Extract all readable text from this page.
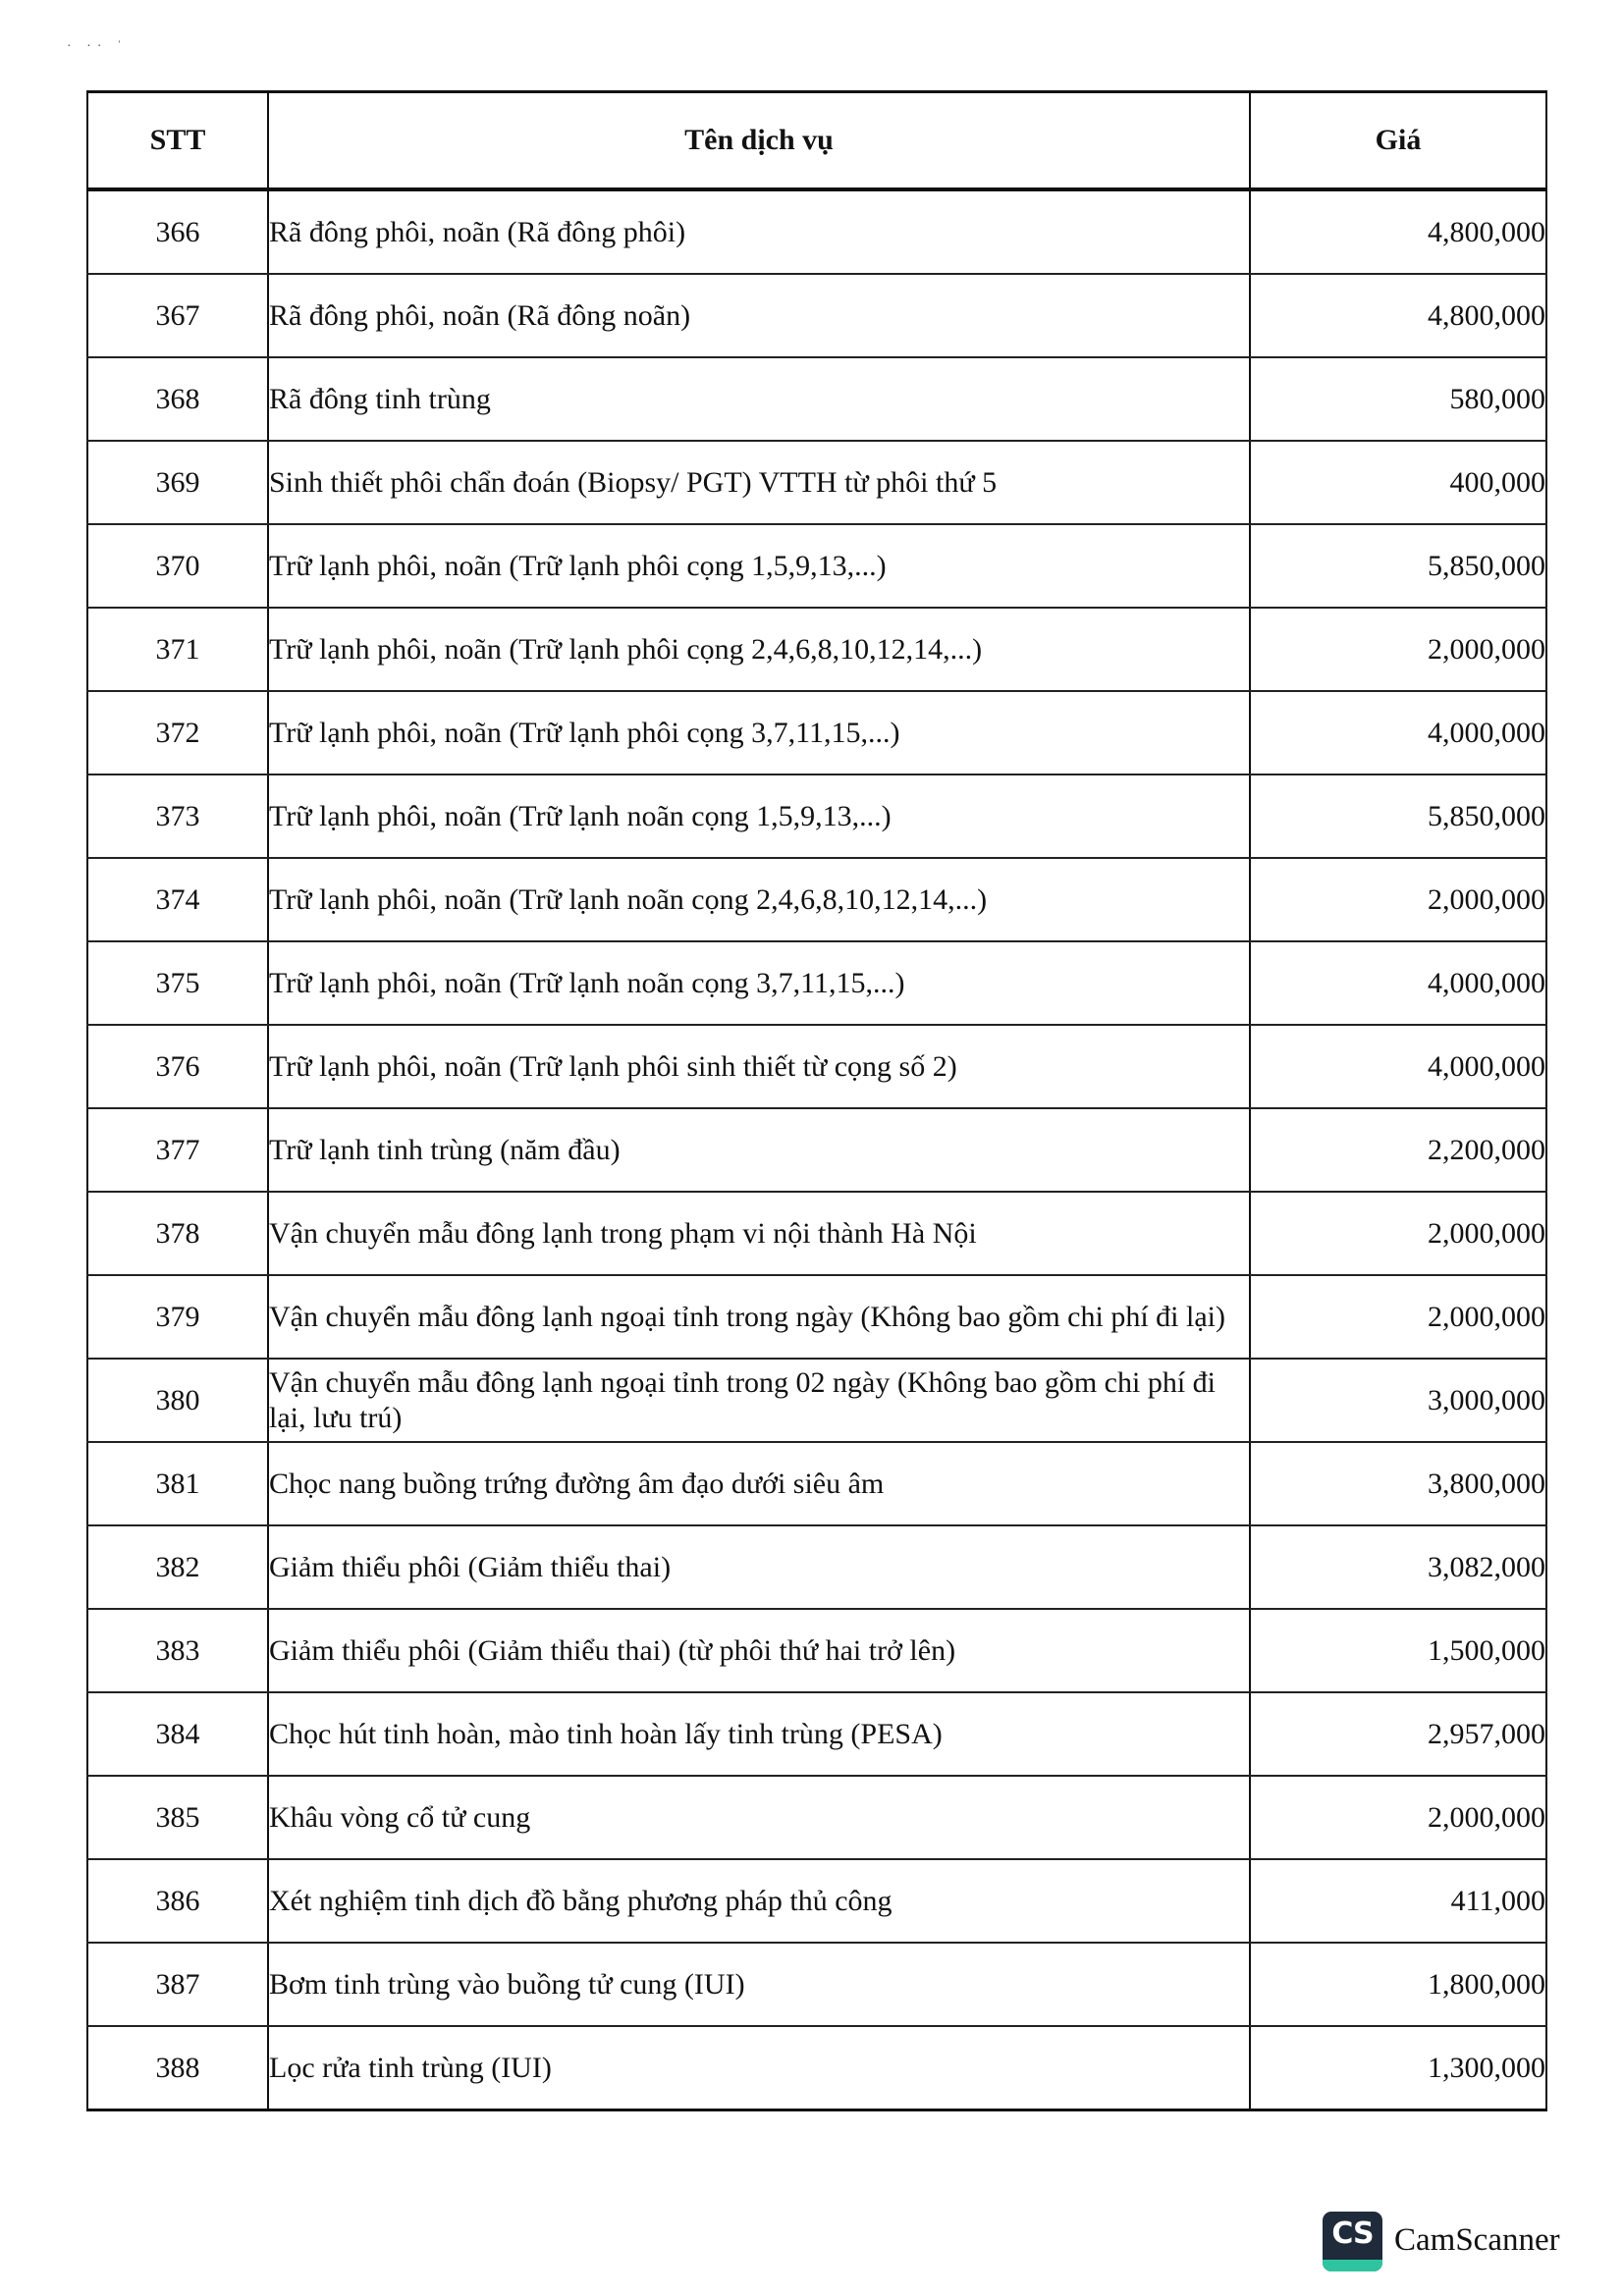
· ·· ˈ
STT	Tên dịch vụ	Giá
366	Rã đông phôi, noãn (Rã đông phôi)	4,800,000
367	Rã đông phôi, noãn (Rã đông noãn)	4,800,000
368	Rã đông tinh trùng	580,000
369	Sinh thiết phôi chẩn đoán (Biopsy/ PGT) VTTH từ phôi thứ 5	400,000
370	Trữ lạnh phôi, noãn (Trữ lạnh phôi cọng 1,5,9,13,...)	5,850,000
371	Trữ lạnh phôi, noãn (Trữ lạnh phôi cọng 2,4,6,8,10,12,14,...)	2,000,000
372	Trữ lạnh phôi, noãn (Trữ lạnh phôi cọng 3,7,11,15,...)	4,000,000
373	Trữ lạnh phôi, noãn (Trữ lạnh noãn cọng 1,5,9,13,...)	5,850,000
374	Trữ lạnh phôi, noãn (Trữ lạnh noãn cọng 2,4,6,8,10,12,14,...)	2,000,000
375	Trữ lạnh phôi, noãn (Trữ lạnh noãn cọng 3,7,11,15,...)	4,000,000
376	Trữ lạnh phôi, noãn (Trữ lạnh phôi sinh thiết từ cọng số 2)	4,000,000
377	Trữ lạnh tinh trùng (năm đầu)	2,200,000
378	Vận chuyển mẫu đông lạnh trong phạm vi nội thành Hà Nội	2,000,000
379	Vận chuyển mẫu đông lạnh ngoại tỉnh trong ngày (Không bao gồm chi phí đi lại)	2,000,000
380	Vận chuyển mẫu đông lạnh ngoại tỉnh trong 02 ngày (Không bao gồm chi phí đi lại, lưu trú)	3,000,000
381	Chọc nang buồng trứng đường âm đạo dưới siêu âm	3,800,000
382	Giảm thiểu phôi (Giảm thiểu thai)	3,082,000
383	Giảm thiểu phôi (Giảm thiểu thai) (từ phôi thứ hai trở lên)	1,500,000
384	Chọc hút tinh hoàn, mào tinh hoàn lấy tinh trùng (PESA)	2,957,000
385	Khâu vòng cổ tử cung	2,000,000
386	Xét nghiệm tinh dịch đồ bằng phương pháp thủ công	411,000
387	Bơm tinh trùng vào buồng tử cung (IUI)	1,800,000
388	Lọc rửa tinh trùng (IUI)	1,300,000
CS CamScanner
